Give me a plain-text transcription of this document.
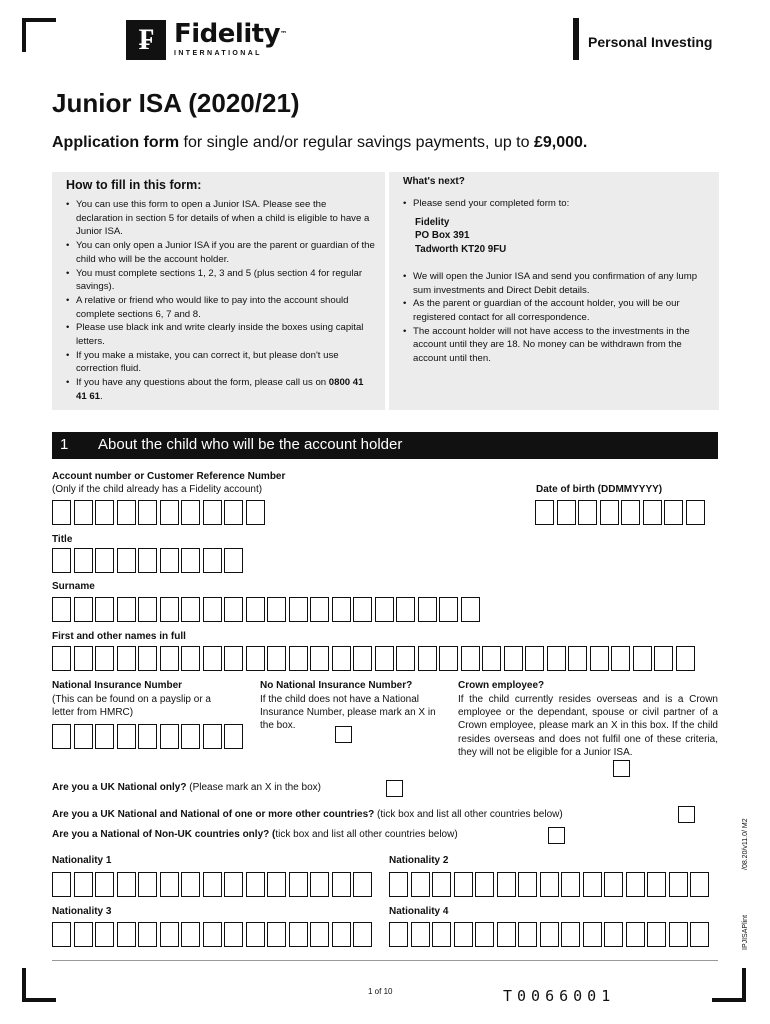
₣ Fidelity™
INTERNATIONAL
Personal Investing
Junior ISA (2020/21)
Application form for single and/or regular savings payments, up to £9,000.
How to fill in this form:
• You can use this form to open a Junior ISA. Please see the declaration in section 5 for details of when a child is eligible to have a Junior ISA.
• You can only open a Junior ISA if you are the parent or guardian of the child who will be the account holder.
• You must complete sections 1, 2, 3 and 5 (plus section 4 for regular savings).
• A relative or friend who would like to pay into the account should complete sections 6, 7 and 8.
• Please use black ink and write clearly inside the boxes using capital letters.
• If you make a mistake, you can correct it, but please don't use correction fluid.
• If you have any questions about the form, please call us on 0800 41 41 61.
What's next?
• Please send your completed form to:
Fidelity
PO Box 391
Tadworth KT20 9FU
• We will open the Junior ISA and send you confirmation of any lump sum investments and Direct Debit details.
• As the parent or guardian of the account holder, you will be our registered contact for all correspondence.
• The account holder will not have access to the investments in the account until they are 18. No money can be withdrawn from the account until then.
1 About the child who will be the account holder
Account number or Customer Reference Number
(Only if the child already has a Fidelity account)	Date of birth (DDMMYYYY)
Title
Surname
First and other names in full
National Insurance Number
(This can be found on a payslip or a letter from HMRC)
No National Insurance Number?
If the child does not have a National Insurance Number, please mark an X in the box.
Crown employee?
If the child currently resides overseas and is a Crown employee or the dependant, spouse or civil partner of a Crown employee, please mark an X in this box. If the child resides overseas and does not fulfil one of these criteria, they will not be eligible for a Junior ISA.
Are you a UK National only? (Please mark an X in the box)
Are you a UK National and National of one or more other countries? (tick box and list all other countries below)
Are you a National of Non-UK countries only? (tick box and list all other countries below)
Nationality 1	Nationality 2
Nationality 3	Nationality 4
/08.20/v11.0/ M2
IPJISAPlint
1 of 10	T0066001
